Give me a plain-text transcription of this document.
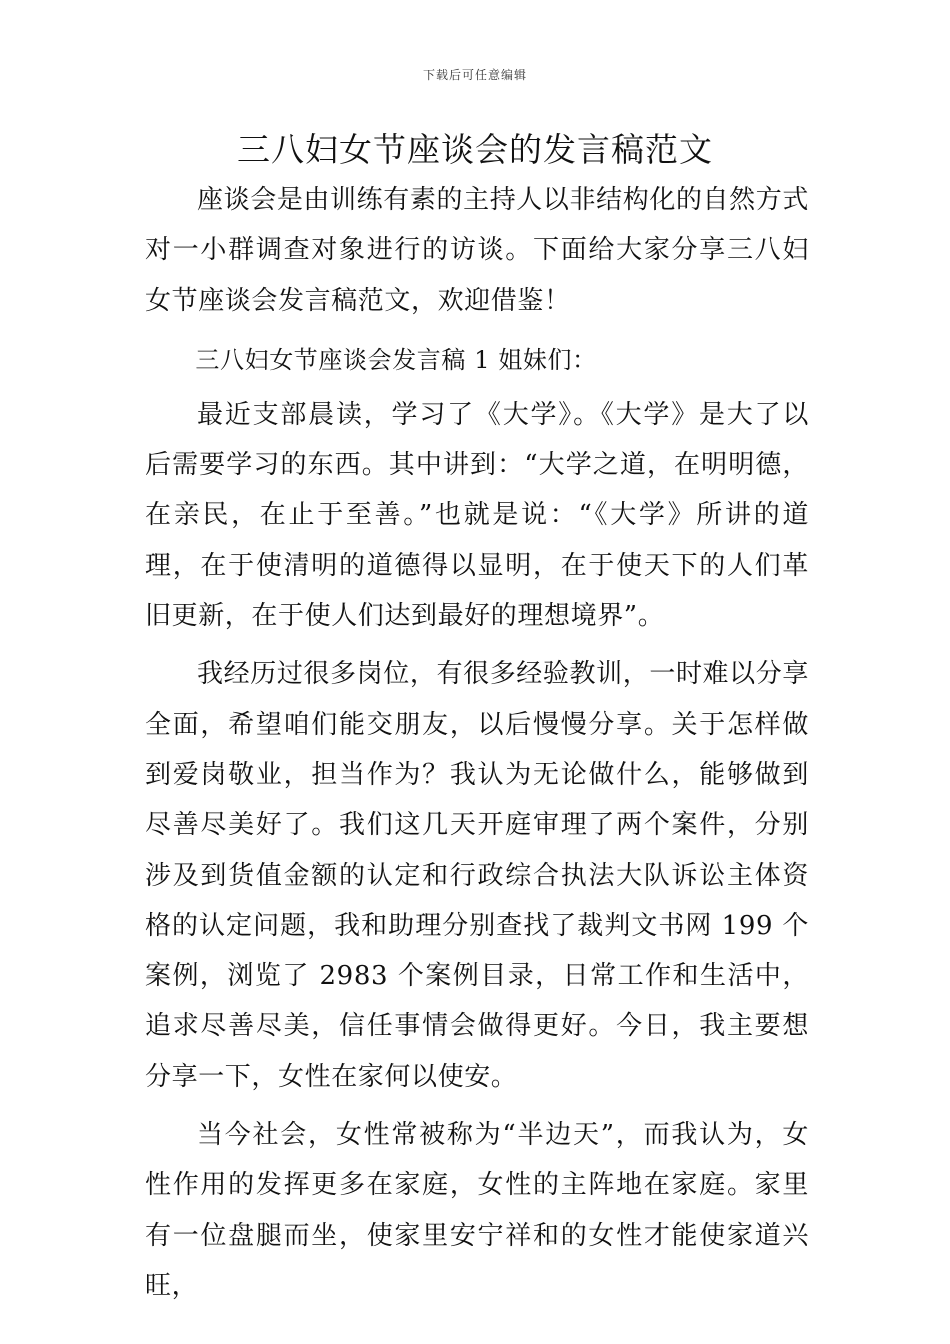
下载后可任意编辑
三八妇女节座谈会的发言稿范文

座谈会是由训练有素的主持人以非结构化的自然方式对一小群调查对象进行的访谈。下面给大家分享三八妇女节座谈会发言稿范文，欢迎借鉴！

三八妇女节座谈会发言稿 1 姐妹们：

最近支部晨读，学习了《大学》。《大学》是大了以后需要学习的东西。其中讲到：“大学之道，在明明德，在亲民，在止于至善。”也就是说：“《大学》所讲的道理，在于使清明的道德得以显明，在于使天下的人们革旧更新，在于使人们达到最好的理想境界”。

我经历过很多岗位，有很多经验教训，一时难以分享全面，希望咱们能交朋友，以后慢慢分享。关于怎样做到爱岗敬业，担当作为？我认为无论做什么，能够做到尽善尽美好了。我们这几天开庭审理了两个案件，分别涉及到货值金额的认定和行政综合执法大队诉讼主体资格的认定问题，我和助理分别查找了裁判文书网 199 个案例，浏览了 2983 个案例目录，日常工作和生活中，追求尽善尽美，信任事情会做得更好。今日，我主要想分享一下，女性在家何以使安。

当今社会，女性常被称为“半边天”，而我认为，女性作用的发挥更多在家庭，女性的主阵地在家庭。家里有一位盘腿而坐，使家里安宁祥和的女性才能使家道兴旺，
